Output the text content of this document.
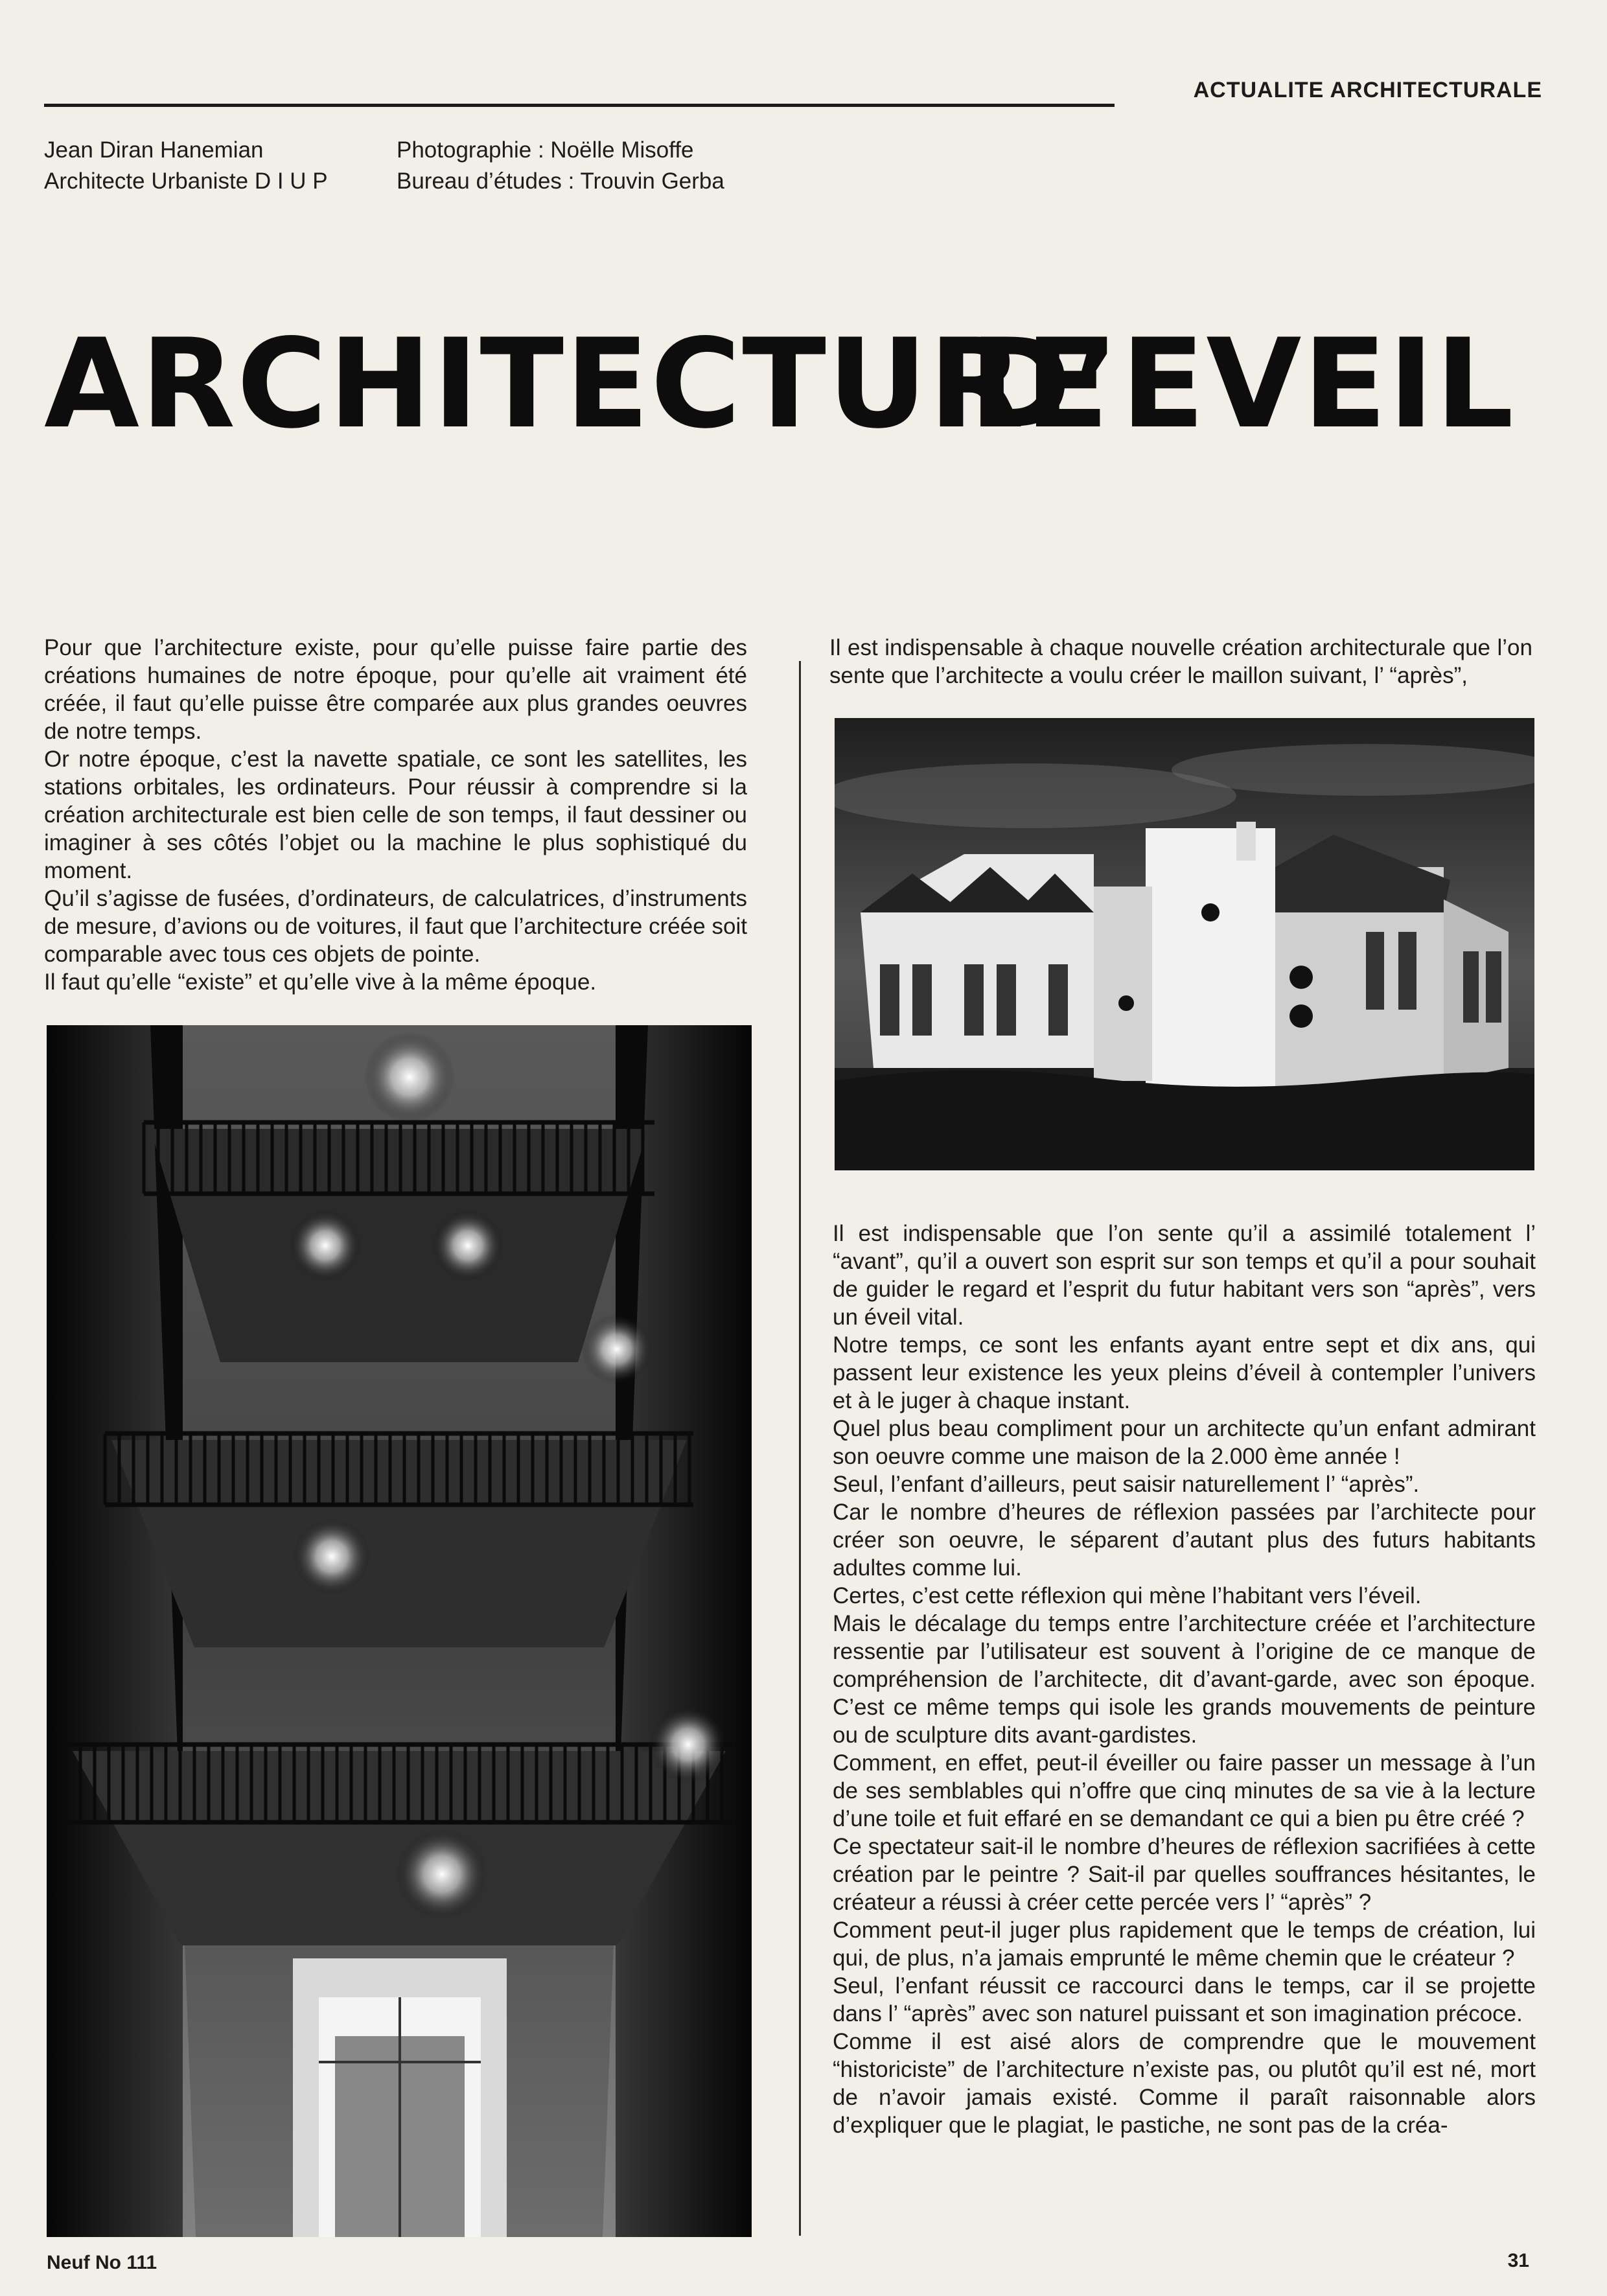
ACTUALITE ARCHITECTURALE
Jean Diran Hanemian
Architecte Urbaniste D I U P
Photographie : Noëlle Misoffe
Bureau d’études : Trouvin Gerba
ARCHITECTURE
D’EVEIL

Pour que l’architecture existe, pour qu’elle puisse faire partie des créations humaines de notre époque, pour qu’elle ait vraiment été créée, il faut qu’elle puisse être comparée aux plus grandes oeuvres de notre temps.

Or notre époque, c’est la navette spatiale, ce sont les satellites, les stations orbitales, les ordinateurs. Pour réussir à comprendre si la création architecturale est bien celle de son temps, il faut dessiner ou imaginer à ses côtés l’objet ou la machine le plus sophistiqué du moment.

Qu’il s’agisse de fusées, d’ordinateurs, de calculatrices, d’instruments de mesure, d’avions ou de voitures, il faut que l’architecture créée soit comparable avec tous ces objets de pointe.

Il faut qu’elle “existe” et qu’elle vive à la même époque.

Il est indispensable à chaque nouvelle création architecturale que l’on sente que l’architecte a voulu créer le maillon suivant, l’ “après”,

Il est indispensable que l’on sente qu’il a assimilé totalement l’ “avant”, qu’il a ouvert son esprit sur son temps et qu’il a pour souhait de guider le regard et l’esprit du futur habitant vers son “après”, vers un éveil vital.

Notre temps, ce sont les enfants ayant entre sept et dix ans, qui passent leur existence les yeux pleins d’éveil à contempler l’univers et à le juger à chaque instant.

Quel plus beau compliment pour un architecte qu’un enfant admirant son oeuvre comme une maison de la 2.000 ème année !

Seul, l’enfant d’ailleurs, peut saisir naturellement l’ “après”.

Car le nombre d’heures de réflexion passées par l’architecte pour créer son oeuvre, le séparent d’autant plus des futurs habitants adultes comme lui.

Certes, c’est cette réflexion qui mène l’habitant vers l’éveil.

Mais le décalage du temps entre l’architecture créée et l’architecture ressentie par l’utilisateur est souvent à l’origine de ce manque de compréhension de l’architecte, dit d’avant-garde, avec son époque. C’est ce même temps qui isole les grands mouvements de peinture ou de sculpture dits avant-gardistes.

Comment, en effet, peut-il éveiller ou faire passer un message à l’un de ses semblables qui n’offre que cinq minutes de sa vie à la lecture d’une toile et fuit effaré en se demandant ce qui a bien pu être créé ?

Ce spectateur sait-il le nombre d’heures de réflexion sacrifiées à cette création par le peintre ? Sait-il par quelles souffrances hésitantes, le créateur a réussi à créer cette percée vers l’ “après” ?

Comment peut-il juger plus rapidement que le temps de création, lui qui, de plus, n’a jamais emprunté le même chemin que le créateur ?

Seul, l’enfant réussit ce raccourci dans le temps, car il se projette dans l’ “après” avec son naturel puissant et son imagination précoce.

Comme il est aisé alors de comprendre que le mouvement “historiciste” de l’architecture n’existe pas, ou plutôt qu’il est né, mort de n’avoir jamais existé. Comme il paraît raisonnable alors d’expliquer que le plagiat, le pastiche, ne sont pas de la créa-

Neuf No 111	31
